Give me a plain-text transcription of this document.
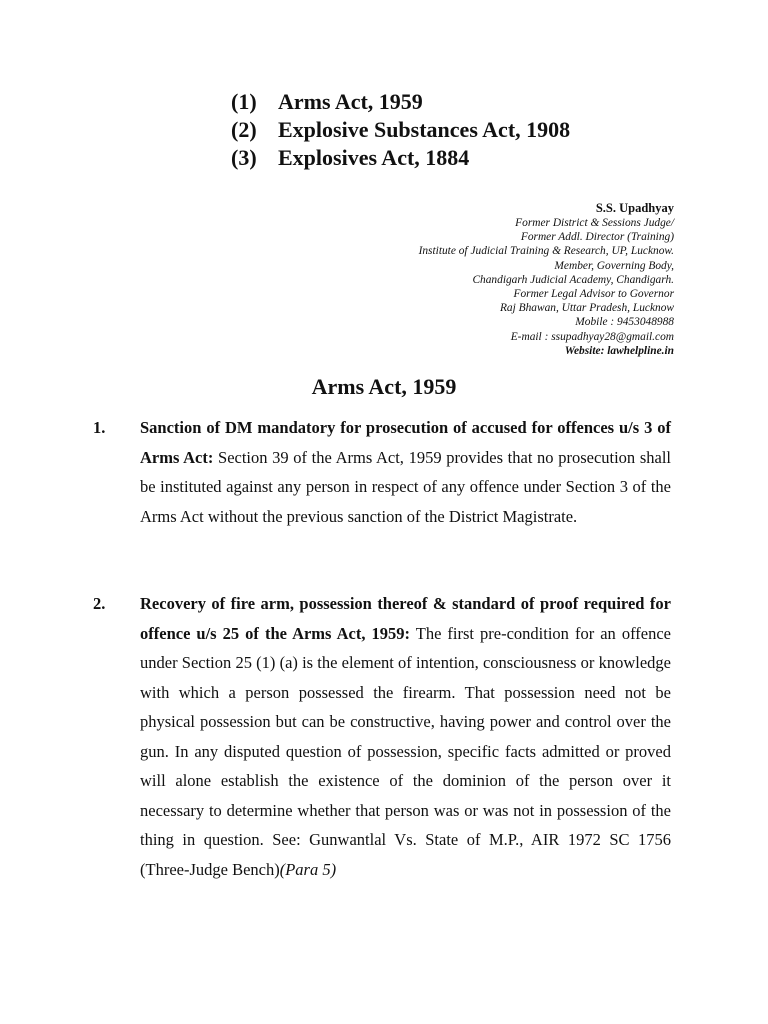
(1) Arms Act, 1959
(2) Explosive Substances Act, 1908
(3) Explosives Act, 1884
S.S. Upadhyay
Former District & Sessions Judge/
Former Addl. Director (Training)
Institute of Judicial Training & Research, UP, Lucknow.
Member, Governing Body,
Chandigarh Judicial Academy, Chandigarh.
Former Legal Advisor to Governor
Raj Bhawan, Uttar Pradesh, Lucknow
Mobile : 9453048988
E-mail : ssupadhyay28@gmail.com
Website: lawhelpline.in
Arms Act, 1959
1. Sanction of DM mandatory for prosecution of accused for offences u/s 3 of Arms Act: Section 39 of the Arms Act, 1959 provides that no prosecution shall be instituted against any person in respect of any offence under Section 3 of the Arms Act without the previous sanction of the District Magistrate.
2. Recovery of fire arm, possession thereof & standard of proof required for offence u/s 25 of the Arms Act, 1959: The first pre-condition for an offence under Section 25 (1) (a) is the element of intention, consciousness or knowledge with which a person possessed the firearm. That possession need not be physical possession but can be constructive, having power and control over the gun. In any disputed question of possession, specific facts admitted or proved will alone establish the existence of the dominion of the person over it necessary to determine whether that person was or was not in possession of the thing in question. See: Gunwantlal Vs. State of M.P., AIR 1972 SC 1756 (Three-Judge Bench)(Para 5)
